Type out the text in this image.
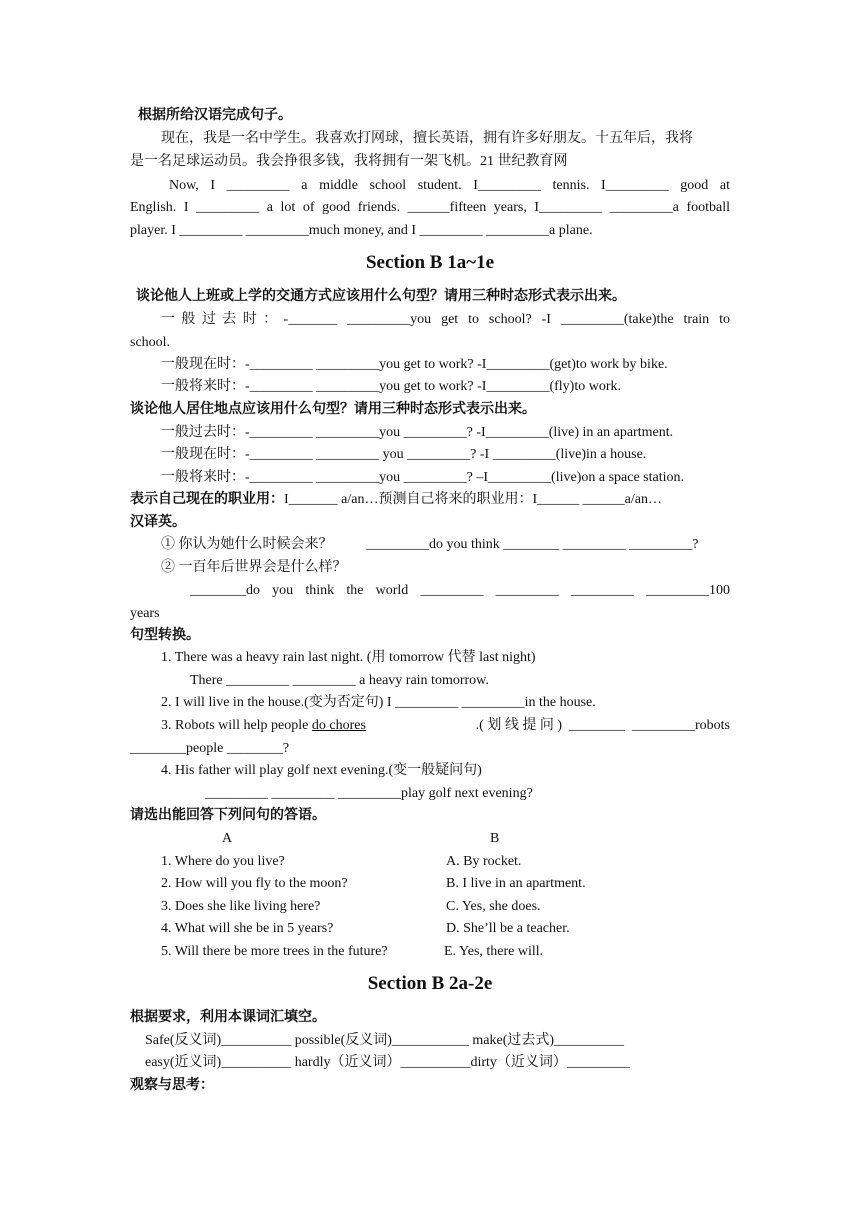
根据所给汉语完成句子。
现在，我是一名中学生。我喜欢打网球，擅长英语，拥有许多好朋友。十五年后，我将
是一名足球运动员。我会挣很多钱，我将拥有一架飞机。21 世纪教育网
Now, I _________ a middle school student. I_________ tennis. I_________ good at
English. I _________ a lot of good friends. ______fifteen years, I_________ _________a football
player. I _________ _________much money, and I _________ _________a plane.
Section B 1a~1e
谈论他人上班或上学的交通方式应该用什么句型？请用三种时态形式表示出来。
一般过去时：-_______ _________you get to school? -I _________(take)the train to
school.
一般现在时：-_________ _________you get to work? -I_________(get)to work by bike.
一般将来时：-_________ _________you get to work? -I_________(fly)to work.
谈论他人居住地点应该用什么句型？请用三种时态形式表示出来。
一般过去时：-_________ _________you _________? -I_________(live) in an apartment.
一般现在时：-_________ _________ you _________? -I _________(live)in a house.
一般将来时：-_________ _________you _________? –I_________(live)on a space station.
表示自己现在的职业用：I_______ a/an…预测自己将来的职业用：I______ ______a/an…
汉译英。
① 你认为她什么时候会来？ _________do you think ________ _________ _________?
② 一百年后世界会是什么样？
________do you think the world _________ _________ _________ _________100
years
句型转换。
1. There was a heavy rain last night. (用 tomorrow 代替 last night)
There _________ _________ a heavy rain tomorrow.
2. I will live in the house.(变为否定句) I _________ _________in the house.
3. Robots will help people do chores	.( 划 线 提 问 )  ________  _________robots
________people ________?
4. His father will play golf next evening.(变一般疑问句)
_________ _________ _________play golf next evening?
请选出能回答下列问句的答语。
A	B
1. Where do you live?
2. How will you fly to the moon?
3. Does she like living here?
4. What will she be in 5 years?
5. Will there be more trees in the future?
A. By rocket.
B. I live in an apartment.
C. Yes, she does.
D. She’ll be a teacher.
E. Yes, there will.
Section B 2a-2e
根据要求，利用本课词汇填空。
Safe(反义词)__________ possible(反义词)___________ make(过去式)__________
easy(近义词)__________ hardly（近义词）__________dirty（近义词）_________
观察与思考：
